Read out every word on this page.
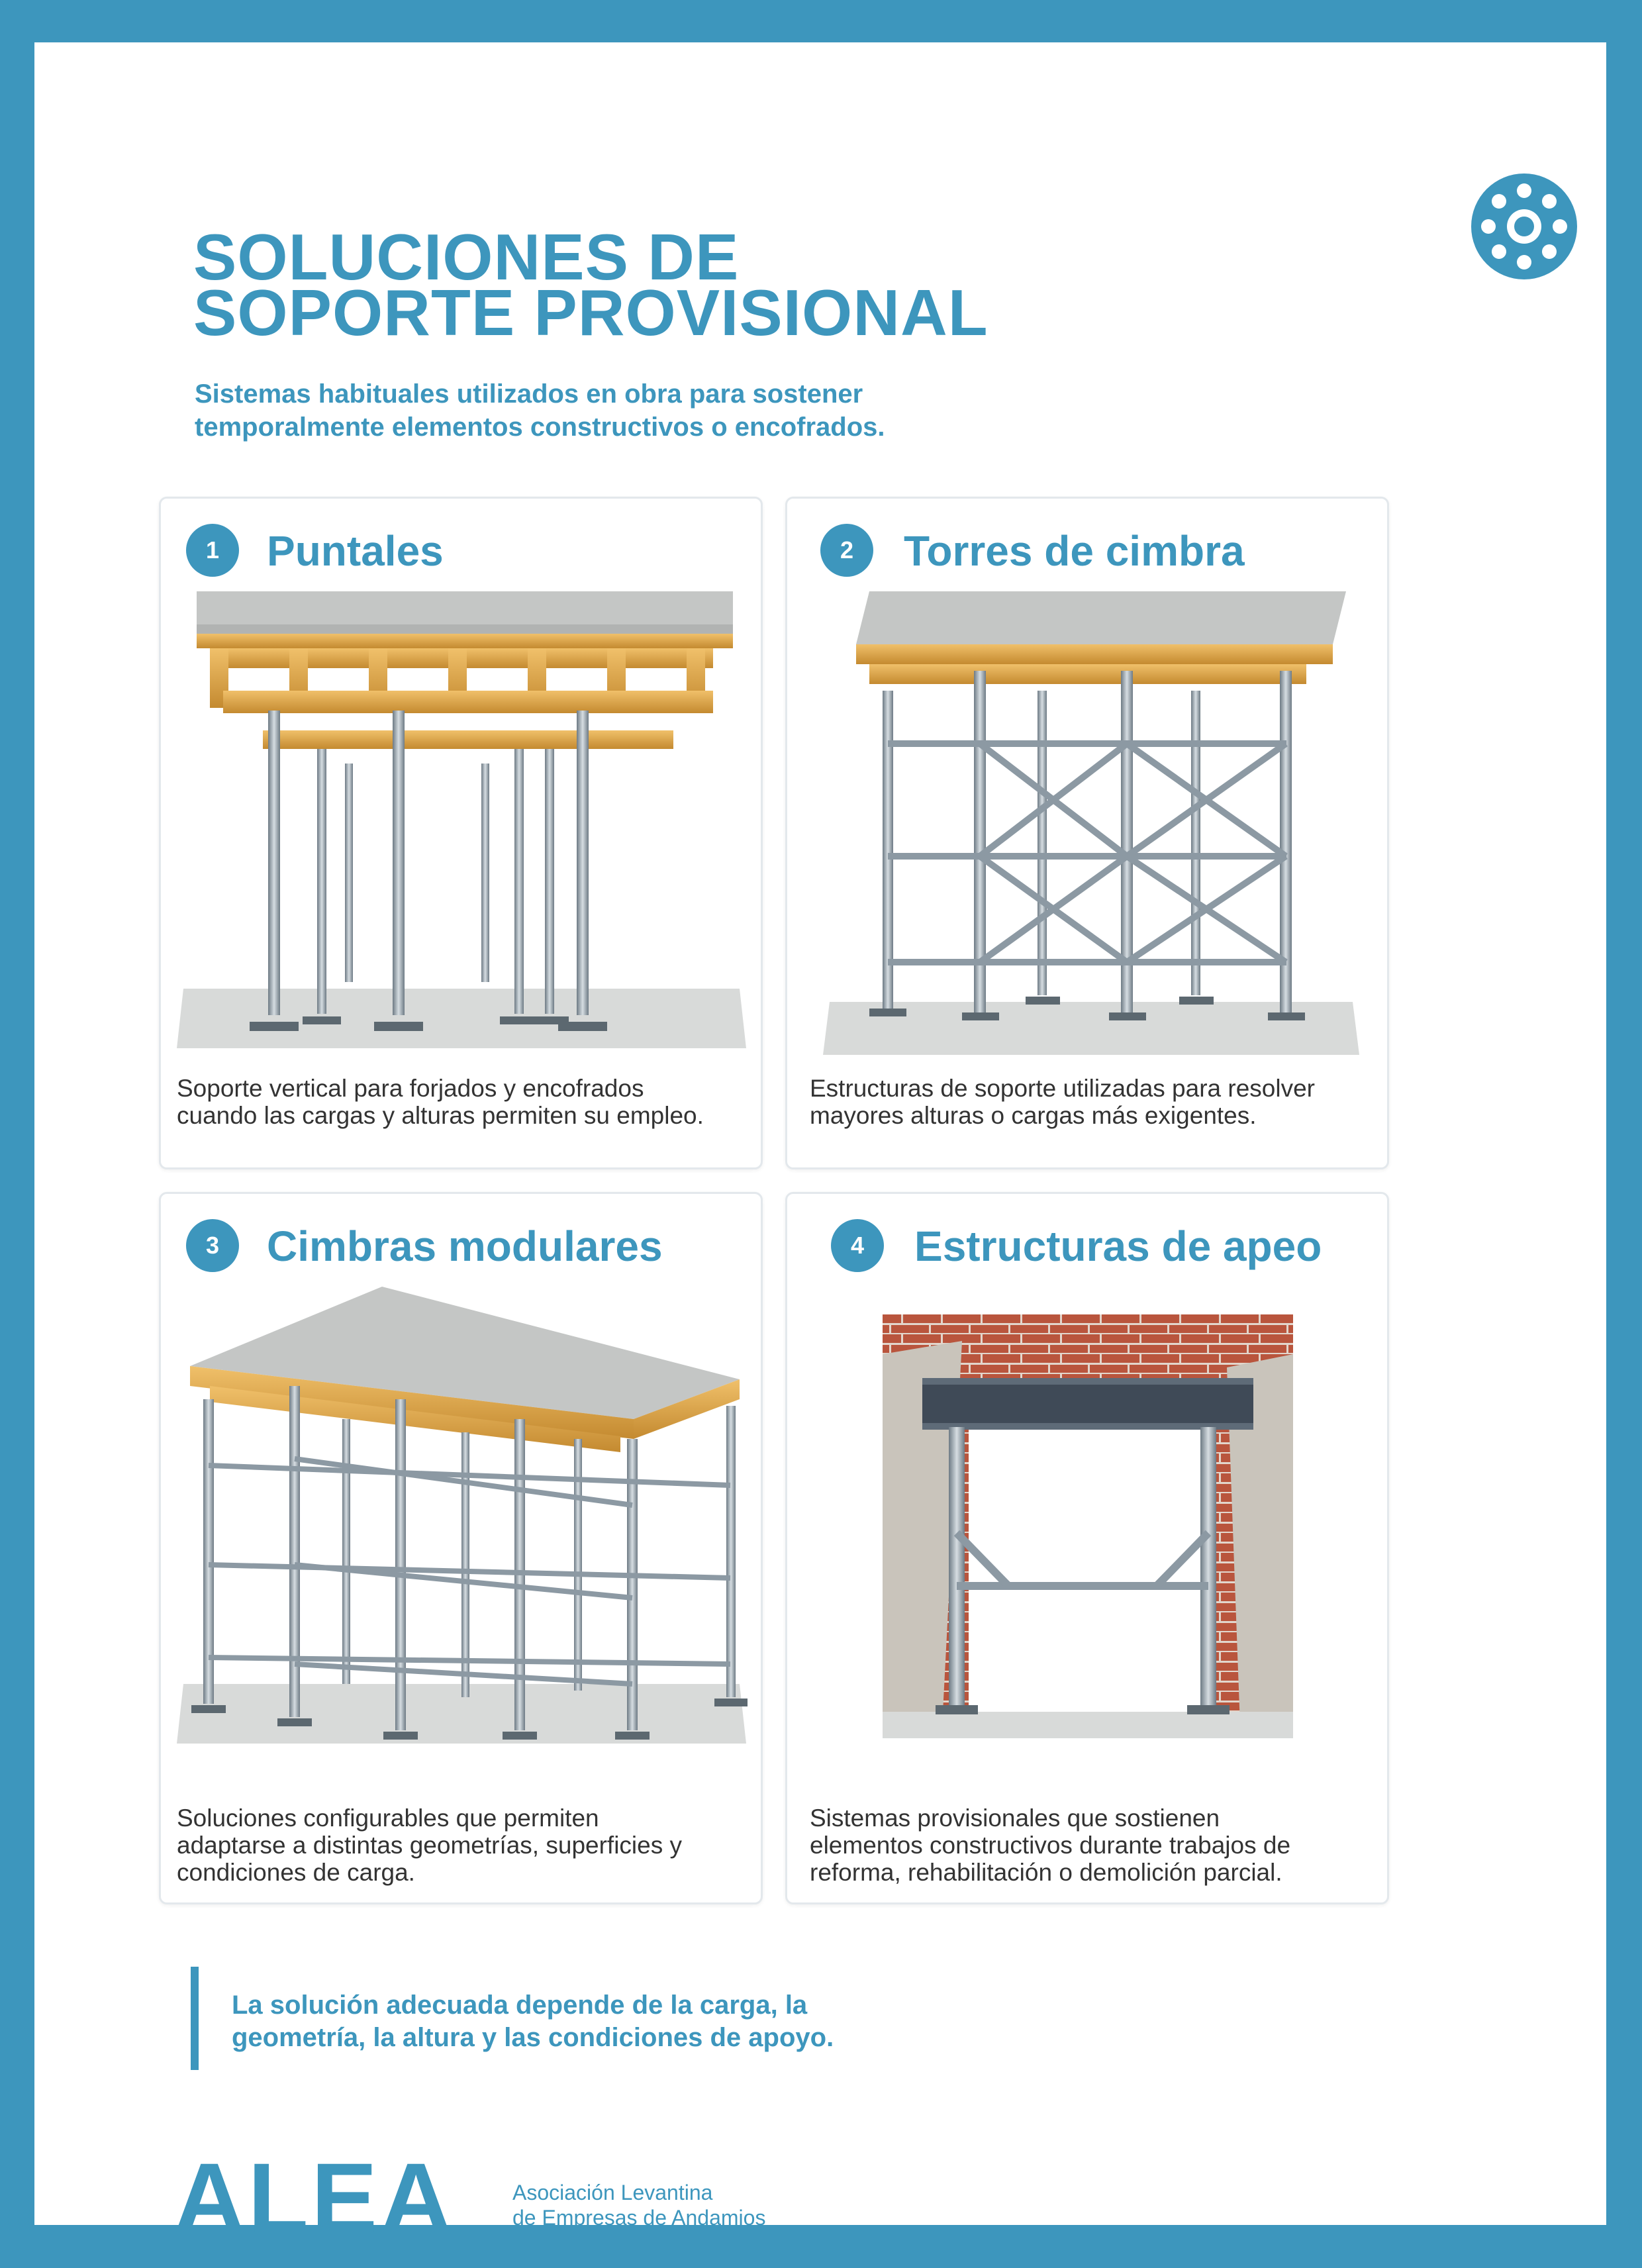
SOLUCIONES DE
SOPORTE PROVISIONAL

Sistemas habituales utilizados en obra para sostener
temporalmente elementos constructivos o encofrados.

1	Puntales

Soporte vertical para forjados y encofrados
cuando las cargas y alturas permiten su empleo.

2	Torres de cimbra

Estructuras de soporte utilizadas para resolver
mayores alturas o cargas más exigentes.

3	Cimbras modulares

Soluciones configurables que permiten
adaptarse a distintas geometrías, superficies y
condiciones de carga.

4	Estructuras de apeo

Sistemas provisionales que sostienen
elementos constructivos durante trabajos de
reforma, rehabilitación o demolición parcial.

La solución adecuada depende de la carga, la
geometría, la altura y las condiciones de apoyo.

ALEA	Asociación Levantina
de Empresas de Andamios
